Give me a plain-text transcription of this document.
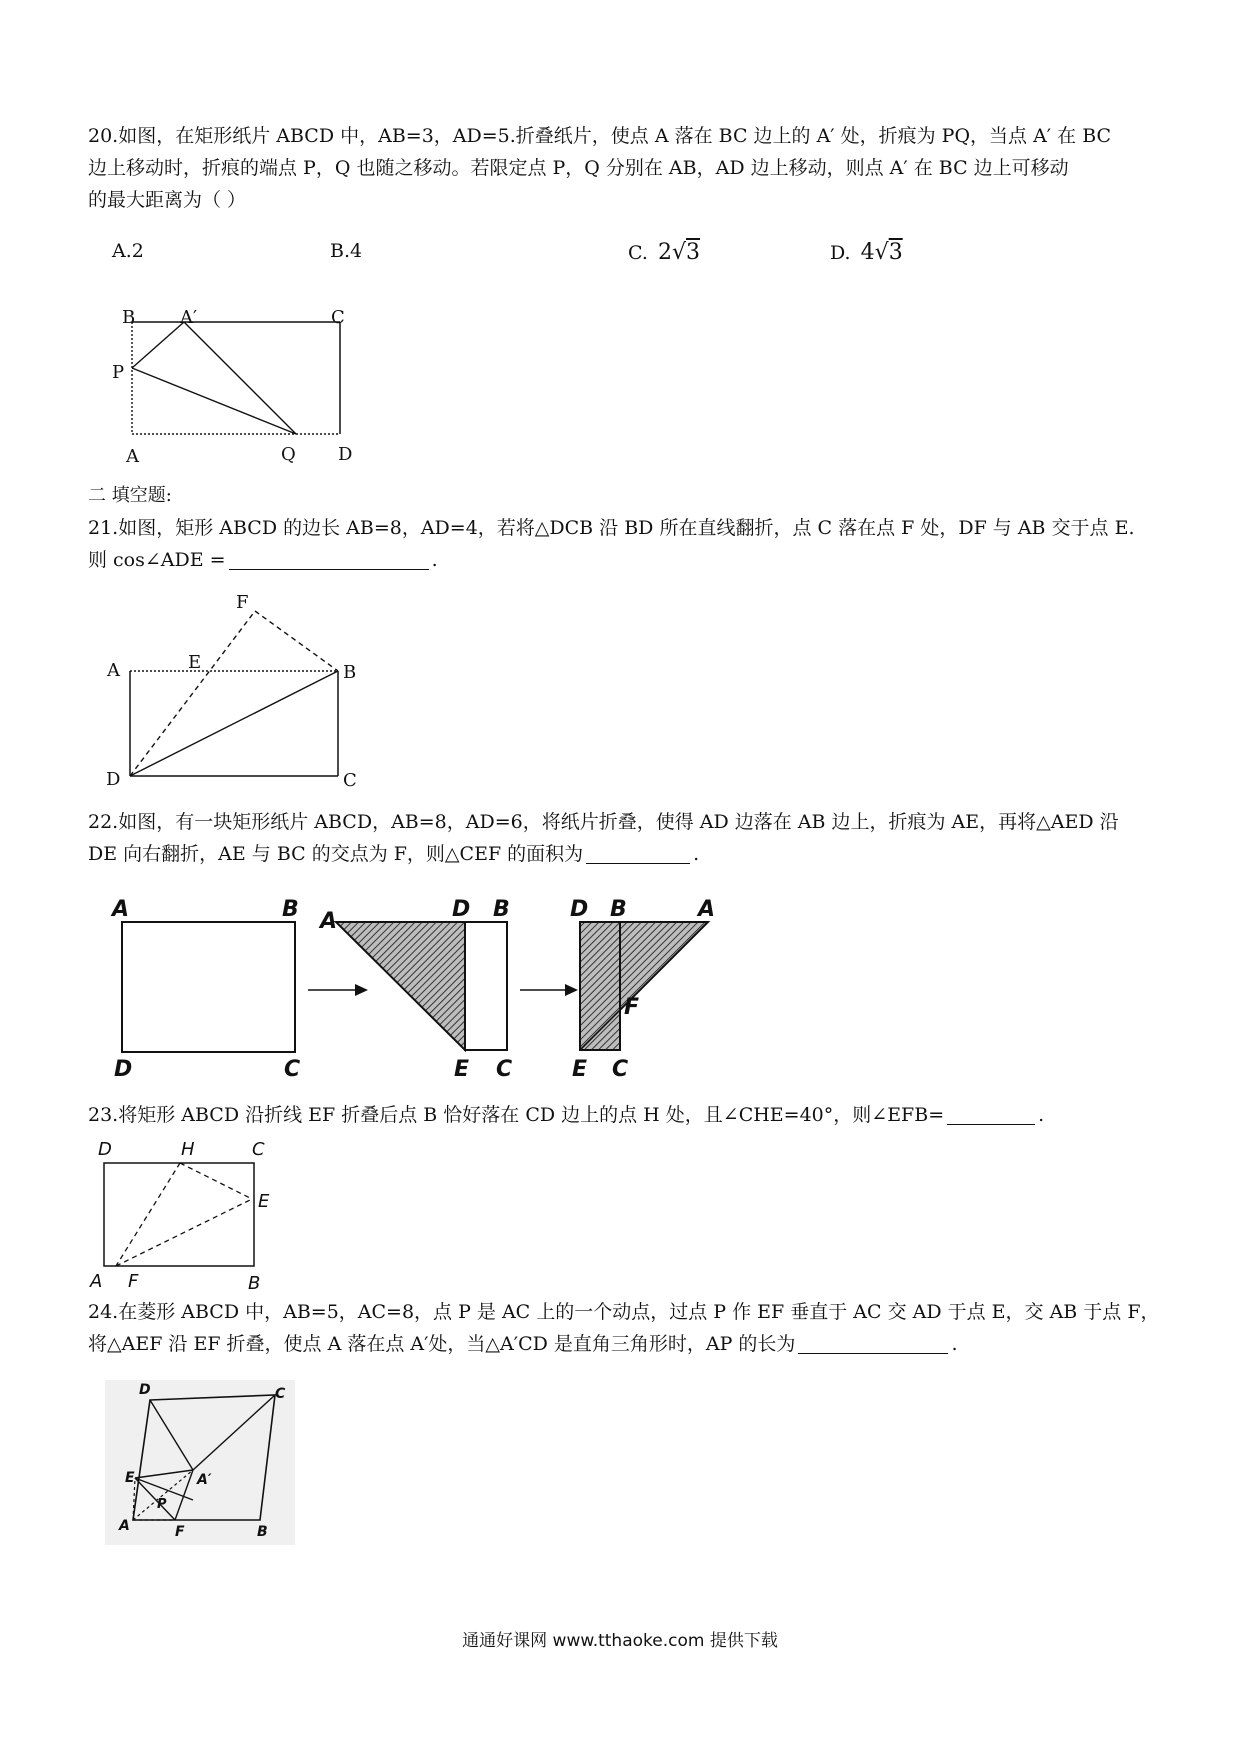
20.如图，在矩形纸片 ABCD 中，AB=3，AD=5.折叠纸片，使点 A 落在 BC 边上的 A′ 处，折痕为 PQ，当点 A′ 在 BC
边上移动时，折痕的端点 P，Q 也随之移动。若限定点 P，Q 分别在 AB，AD 边上移动，则点 A′ 在 BC 边上可移动
的最大距离为（ ）
A.2	B.4	C. 2√3	D. 4√3
B A′	C
P
A	Q D
二 填空题:
21.如图，矩形 ABCD 的边长 AB=8，AD=4，若将△DCB 沿 BD 所在直线翻折，点 C 落在点 F 处，DF 与 AB 交于点 E.
则 cos∠ADE =	.
F
A	E	B
D	C
22.如图，有一块矩形纸片 ABCD，AB=8，AD=6，将纸片折叠，使得 AD 边落在 AB 边上，折痕为 AE，再将△AED 沿
DE 向右翻折，AE 与 BC 的交点为 F，则△CEF 的面积为	.
A	B
D	C
A	D B
E C
D B	A
F
E C
23.将矩形 ABCD 沿折线 EF 折叠后点 B 恰好落在 CD 边上的点 H 处，且∠CHE=40°，则∠EFB=	.
D	H	C
E
A F	B
24.在菱形 ABCD 中，AB=5，AC=8，点 P 是 AC 上的一个动点，过点 P 作 EF 垂直于 AC 交 AD 于点 E，交 AB 于点 F，
将△AEF 沿 EF 折叠，使点 A 落在点 A′处，当△A′CD 是直角三角形时，AP 的长为	.
D	C
E	A′
P
A	F	B
通通好课网 www.tthaoke.com 提供下载
